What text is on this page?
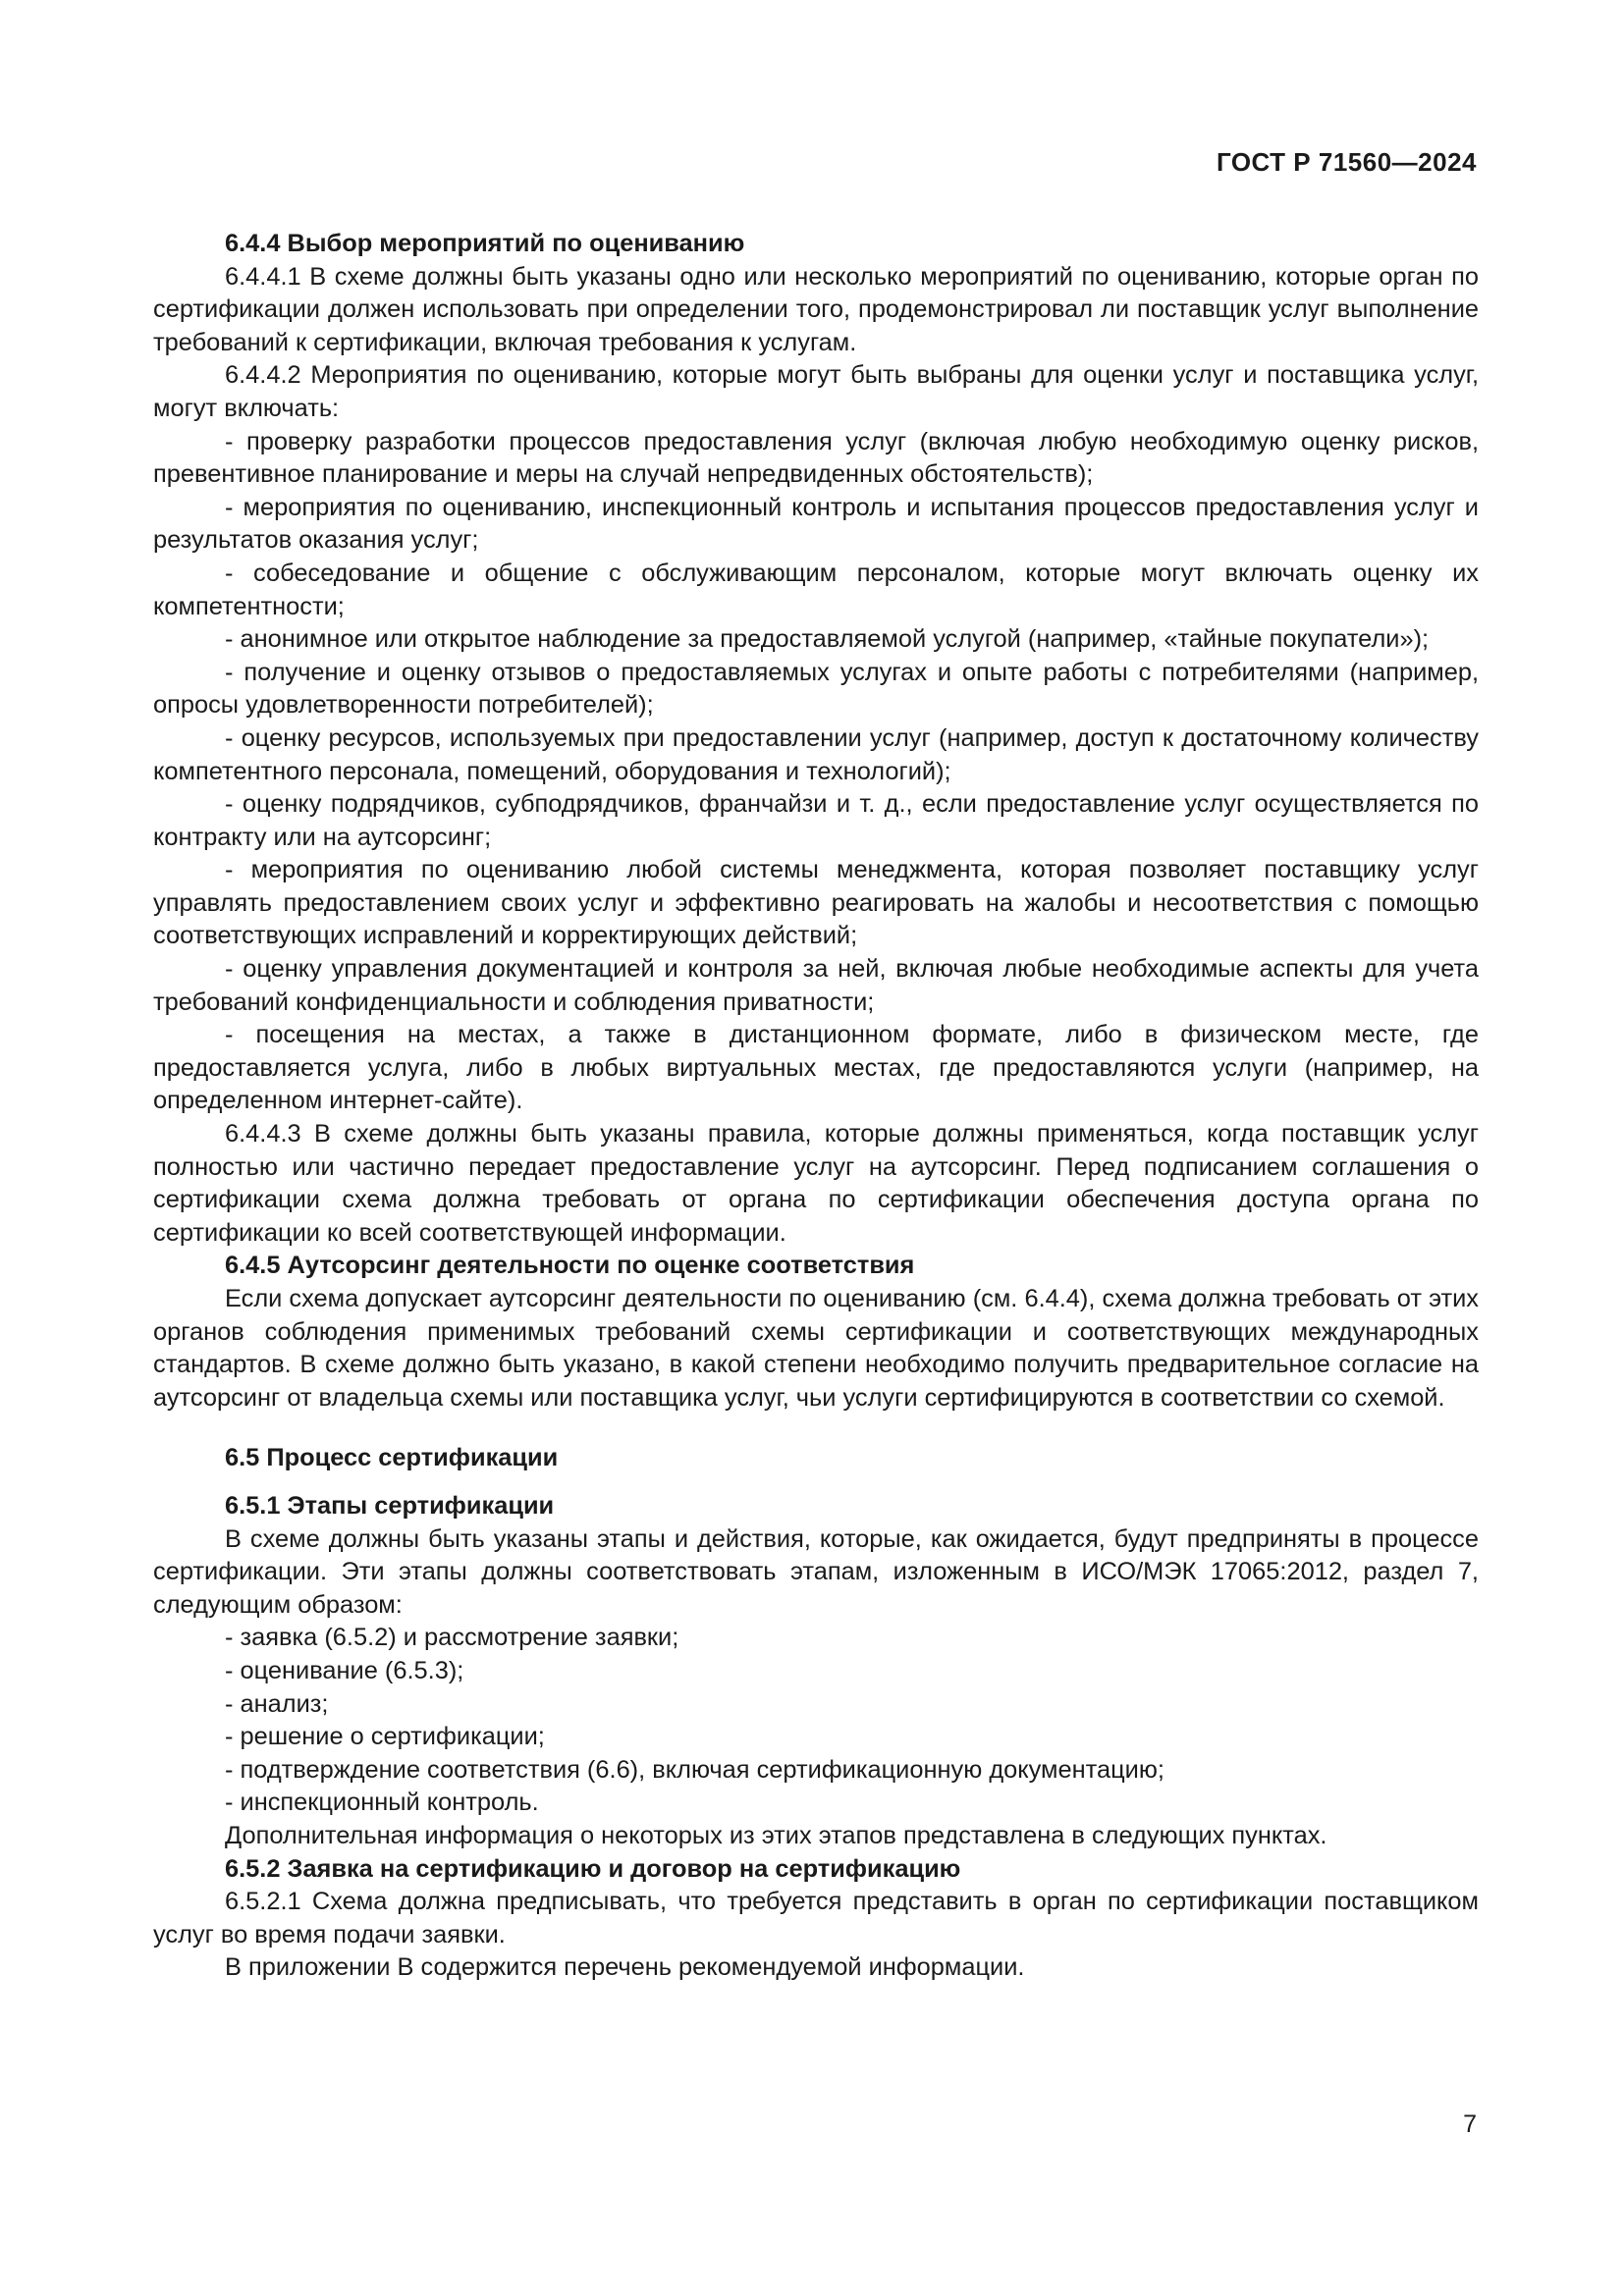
ГОСТ Р 71560—2024

6.4.4 Выбор мероприятий по оцениванию

6.4.4.1 В схеме должны быть указаны одно или несколько мероприятий по оцениванию, которые орган по сертификации должен использовать при определении того, продемонстрировал ли поставщик услуг выполнение требований к сертификации, включая требования к услугам.

6.4.4.2 Мероприятия по оцениванию, которые могут быть выбраны для оценки услуг и поставщика услуг, могут включать:

- проверку разработки процессов предоставления услуг (включая любую необходимую оценку рисков, превентивное планирование и меры на случай непредвиденных обстоятельств);

- мероприятия по оцениванию, инспекционный контроль и испытания процессов предоставления услуг и результатов оказания услуг;

- собеседование и общение с обслуживающим персоналом, которые могут включать оценку их компетентности;

- анонимное или открытое наблюдение за предоставляемой услугой (например, «тайные покупатели»);

- получение и оценку отзывов о предоставляемых услугах и опыте работы с потребителями (например, опросы удовлетворенности потребителей);

- оценку ресурсов, используемых при предоставлении услуг (например, доступ к достаточному количеству компетентного персонала, помещений, оборудования и технологий);

- оценку подрядчиков, субподрядчиков, франчайзи и т. д., если предоставление услуг осуществляется по контракту или на аутсорсинг;

- мероприятия по оцениванию любой системы менеджмента, которая позволяет поставщику услуг управлять предоставлением своих услуг и эффективно реагировать на жалобы и несоответствия с помощью соответствующих исправлений и корректирующих действий;

- оценку управления документацией и контроля за ней, включая любые необходимые аспекты для учета требований конфиденциальности и соблюдения приватности;

- посещения на местах, а также в дистанционном формате, либо в физическом месте, где предоставляется услуга, либо в любых виртуальных местах, где предоставляются услуги (например, на определенном интернет-сайте).

6.4.4.3 В схеме должны быть указаны правила, которые должны применяться, когда поставщик услуг полностью или частично передает предоставление услуг на аутсорсинг. Перед подписанием соглашения о сертификации схема должна требовать от органа по сертификации обеспечения доступа органа по сертификации ко всей соответствующей информации.

6.4.5 Аутсорсинг деятельности по оценке соответствия

Если схема допускает аутсорсинг деятельности по оцениванию (см. 6.4.4), схема должна требовать от этих органов соблюдения применимых требований схемы сертификации и соответствующих международных стандартов. В схеме должно быть указано, в какой степени необходимо получить предварительное согласие на аутсорсинг от владельца схемы или поставщика услуг, чьи услуги сертифицируются в соответствии со схемой.

6.5 Процесс сертификации

6.5.1 Этапы сертификации

В схеме должны быть указаны этапы и действия, которые, как ожидается, будут предприняты в процессе сертификации. Эти этапы должны соответствовать этапам, изложенным в ИСО/МЭК 17065:2012, раздел 7, следующим образом:

- заявка (6.5.2) и рассмотрение заявки;

- оценивание (6.5.3);

- анализ;

- решение о сертификации;

- подтверждение соответствия (6.6), включая сертификационную документацию;

- инспекционный контроль.

Дополнительная информация о некоторых из этих этапов представлена в следующих пунктах.

6.5.2 Заявка на сертификацию и договор на сертификацию

6.5.2.1 Схема должна предписывать, что требуется представить в орган по сертификации поставщиком услуг во время подачи заявки.

В приложении В содержится перечень рекомендуемой информации.

7
